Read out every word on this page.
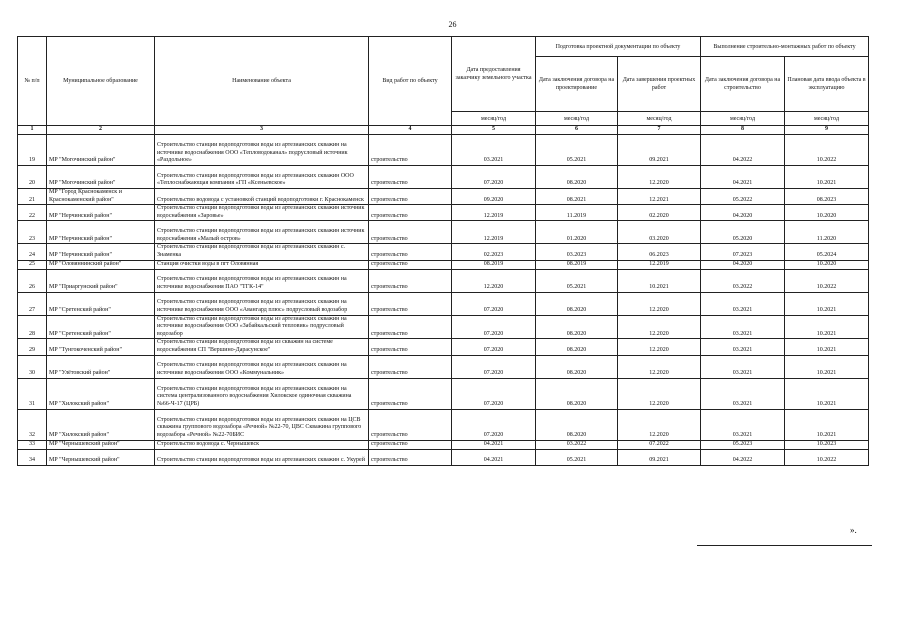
26
№ п/п	Муниципальное образование	Наименование объекта	Вид работ по объекту	Дата предоставления заказчику земельного участка	Подготовка проектной документации по объекту		Выполнение строительно-монтажных работ по объекту	
					Дата заключения договора на проектирование	Дата завершения проектных работ	Дата заключения договора на строительство	Плановая дата ввода объекта в эксплуатацию
				месяц/год	месяц/год	месяц/год	месяц/год	месяц/год
1	2	3	4	5	6	7	8	9
19	МР "Могочинский район"	Строительство станции водоподготовки воды из артезианских скважин на источнике водоснабжения ООО «Тепловодоканал» подрусловый источник «Раздольное»	строительство	03.2021	05.2021	09.2021	04.2022	10.2022
20	МР "Могочинский район"	Строительство станции водоподготовки воды из артезианских скважин ООО «Теплоснабжающая компания «ГП «Ксеньевское»	строительство	07.2020	08.2020	12.2020	04.2021	10.2021
21	МР "Город Краснокаменск и Краснокаменский район"	Строительство водовода с установкой станций водоподготовки г. Краснокаменск	строительство	09.2020	08.2021	12.2021	05.2022	08.2023
22	МР "Нерчинский район"	Строительство станции водоподготовки воды из артезианских скважин источник водоснабжения «Заровье»	строительство	12.2019	11.2019	02.2020	04.2020	10.2020
23	МР "Нерчинский район"	Строительство станции водоподготовки воды из артезианских скважин источник водоснабжения «Малый остров»	строительство	12.2019	01.2020	03.2020	05.2020	11.2020
24	МР "Нерчинский район"	Строительство станции водоподготовки воды из артезианских скважин с. Знаменка	строительство	02.2023	03.2023	06.2023	07.2023	05.2024
25	МР "Оловяннинский район"	Станция очистки воды в пгт Оловянная	строительство	08.2019	08.2019	12.2019	04.2020	10.2020
26	МР "Приаргунский район"	Строительство станции водоподготовки воды из артезианских скважин на источнике водоснабжения ПАО "ТГК-14"	строительство	12.2020	05.2021	10.2021	03.2022	10.2022
27	МР "Сретенский район"	Строительство станции водоподготовки воды из артезианских скважин на источнике водоснабжения ООО «Авангард плюс» подрусловый водозабор	строительство	07.2020	08.2020	12.2020	03.2021	10.2021
28	МР "Сретенский район"	Строительство станции водоподготовки воды из артезианских скважин на источнике водоснабжения ООО «Забайкальский тепловик» подрусловый водозабор	строительство	07.2020	08.2020	12.2020	03.2021	10.2021
29	МР "Тунгокоченский район"	Строительство станции водоподготовки воды из скважин на системе водоснабжения СП "Вершино-Дарасунское"	строительство	07.2020	08.2020	12.2020	03.2021	10.2021
30	МР "Улётовский район"	Строительство станции водоподготовки воды из артезианских скважин на источнике водоснабжения ООО «Коммунальник»	строительство	07.2020	08.2020	12.2020	03.2021	10.2021
31	МР "Хилокский район"	Строительство станции водоподготовки воды из артезианских скважин на система централизованного водоснабжения Хилокское одиночная скважина №66-Ч-17 (ЦРБ)	строительство	07.2020	08.2020	12.2020	03.2021	10.2021
32	МР "Хилокский район"	Строительство станции водоподготовки воды из артезианских скважин на ЦСВ скважина группового водозабора «Речной» №22-70, ЦВС Скважина группового водозабора «Речной» №22-70БИС	строительство	07.2020	08.2020	12.2020	03.2021	10.2021
33	МР "Чернышевский район"	Строительство водовода с. Чернышевск	строительство	04.2021	03.2022	07.2022	05.2023	10.2023
34	МР "Чернышевский район"	Строительство станции водоподготовки воды из артезианских скважин с. Укурей	строительство	04.2021	05.2021	09.2021	04.2022	10.2022
».
